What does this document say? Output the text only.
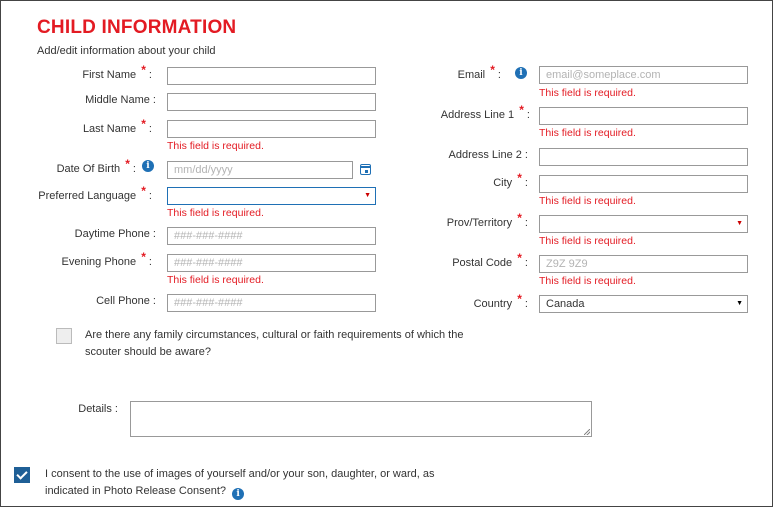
CHILD INFORMATION
Add/edit information about your child
First Name * :
Middle Name :
Last Name * :
This field is required.
Date Of Birth * :	i	mm/dd/yyyy
Preferred Language * :	▼
This field is required.
Daytime Phone :	###-###-####
Evening Phone * :	###-###-####
This field is required.
Cell Phone :	###-###-####
Email * :	i	email@someplace.com
This field is required.
Address Line 1 * :
This field is required.
Address Line 2 :
City * :
This field is required.
Prov/Territory * :	▼
This field is required.
Postal Code * :	Z9Z 9Z9
This field is required.
Country * :	Canada	▼
Are there any family circumstances, cultural or faith requirements of which the
scouter should be aware?
Details :
I consent to the use of images of yourself and/or your son, daughter, or ward, as
indicated in Photo Release Consent? i
